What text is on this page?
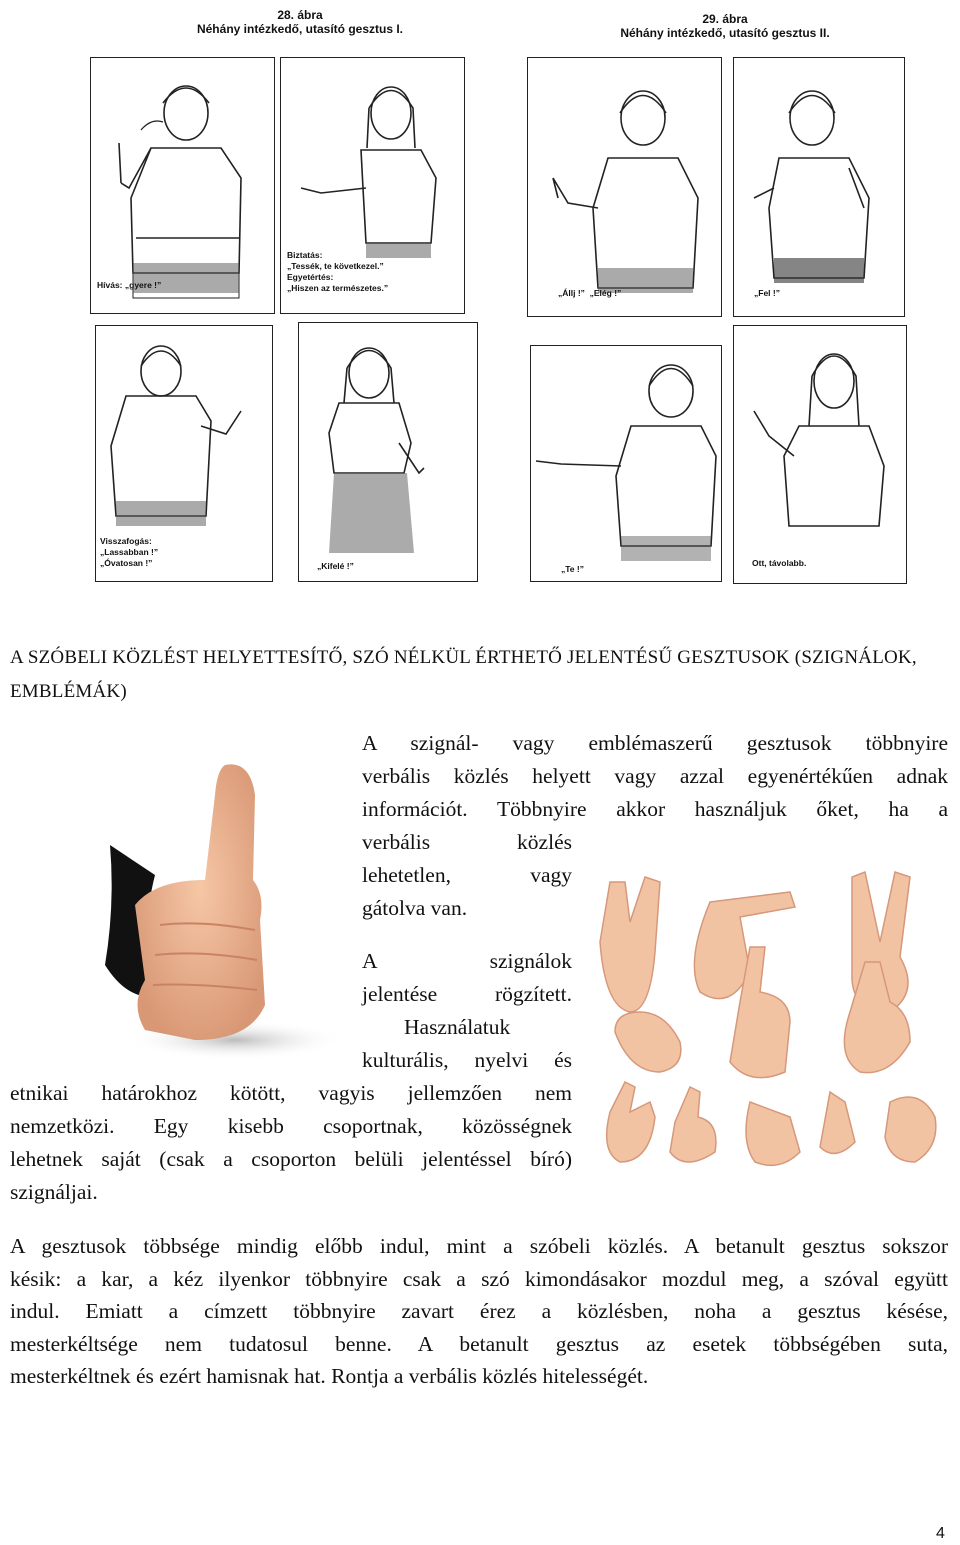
28. ábra
Néhány intézkedő, utasító gesztus I.
29. ábra
Néhány intézkedő, utasító gesztus II.
Hívás: „gyere !”
Biztatás:
„Tessék, te következel.”
Egyetértés:
„Hiszen az természetes.”	„Állj !”  „Elég !”	„Fel !”
Visszafogás:
„Lassabban !”
„Óvatosan !”	„Kifelé !”	„Te !”
Ott, távolabb.
A SZÓBELI KÖZLÉST HELYETTESÍTŐ, SZÓ NÉLKÜL ÉRTHETŐ JELENTÉSŰ GESZTUSOK (SZIGNÁLOK,
EMBLÉMÁK)
A szignál- vagy emblémaszerű gesztusok többnyire
verbális közlés helyett vagy azzal egyenértékűen adnak
információt. Többnyire akkor használjuk őket, ha a
verbális közlés
lehetetlen, vagy
gátolva van.
A szignálok
jelentése rögzített.
Használatuk
kulturális, nyelvi és
etnikai határokhoz kötött, vagyis jellemzően nem
nemzetközi. Egy kisebb csoportnak, közösségnek
lehetnek saját (csak a csoporton belüli jelentéssel bíró)
szignáljai.
A gesztusok többsége mindig előbb indul, mint a szóbeli közlés. A betanult gesztus sokszor
késik: a kar, a kéz ilyenkor többnyire csak a szó kimondásakor mozdul meg, a szóval együtt
indul. Emiatt a címzett többnyire zavart érez a közlésben, noha a gesztus késése,
mesterkéltsége nem tudatosul benne. A betanult gesztus az esetek többségében suta,
mesterkéltnek és ezért hamisnak hat. Rontja a verbális közlés hitelességét.
4
